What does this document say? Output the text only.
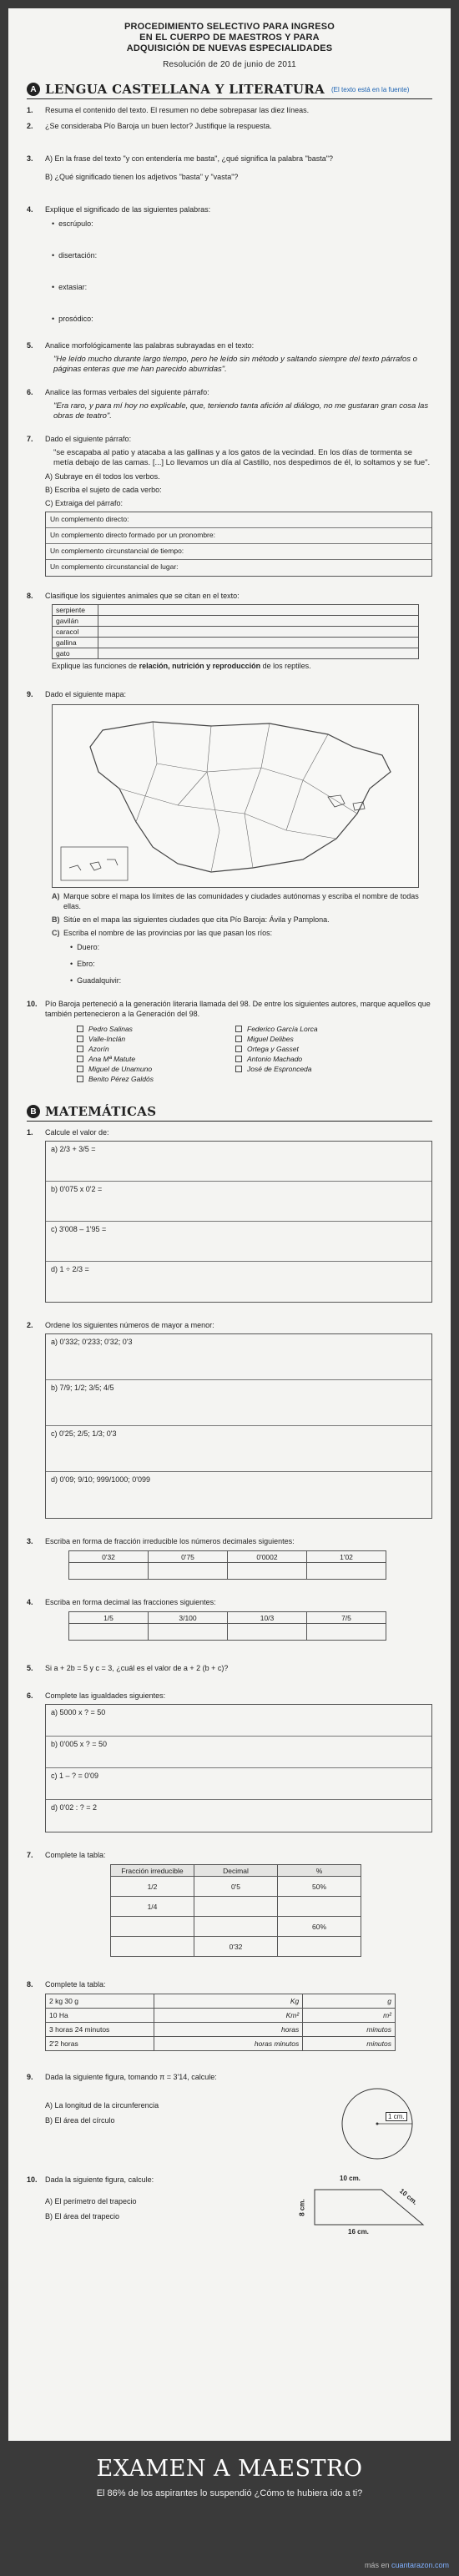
PROCEDIMIENTO SELECTIVO PARA INGRESO
EN EL CUERPO DE MAESTROS Y PARA
ADQUISICIÓN DE NUEVAS ESPECIALIDADES
Resolución de 20 de junio de 2011
A LENGUA CASTELLANA Y LITERATURA (El texto está en la fuente)
1.	Resuma el contenido del texto. El resumen no debe sobrepasar las diez líneas.
2.	¿Se consideraba Pío Baroja un buen lector? Justifique la respuesta.
3.	A) En la frase del texto "y con entendería me basta", ¿qué significa la palabra "basta"?
B) ¿Qué significado tienen los adjetivos "basta" y "vasta"?
4.	Explique el significado de las siguientes palabras:
• escrúpulo:
• disertación:
• extasiar:
• prosódico:
5.	Analice morfológicamente las palabras subrayadas en el texto:
"He leído mucho durante largo tiempo, pero he leído sin método y saltando siempre del texto párrafos o páginas enteras que me han parecido aburridas".
6.	Analice las formas verbales del siguiente párrafo:
"Era raro, y para mí hoy no explicable, que, teniendo tanta afición al diálogo, no me gustaran gran cosa las obras de teatro".
7.	Dado el siguiente párrafo:
"se escapaba al patio y atacaba a las gallinas y a los gatos de la vecindad. En los días de tormenta se metía debajo de las camas. [...] Lo llevamos un día al Castillo, nos despedimos de él, lo soltamos y se fue".
A) Subraye en él todos los verbos.
B) Escriba el sujeto de cada verbo:
C) Extraiga del párrafo:
Un complemento directo:
Un complemento directo formado por un pronombre:
Un complemento circunstancial de tiempo:
Un complemento circunstancial de lugar:
8.	Clasifique los siguientes animales que se citan en el texto:
serpiente	
gavilán	
caracol	
gallina	
gato	
Explique las funciones de relación, nutrición y reproducción de los reptiles.
9.	Dado el siguiente mapa:
A) Marque sobre el mapa los límites de las comunidades y ciudades autónomas y escriba el nombre de todas ellas.
B) Sitúe en el mapa las siguientes ciudades que cita Pío Baroja: Ávila y Pamplona.
C) Escriba el nombre de las provincias por las que pasan los ríos:
• Duero:
• Ebro:
• Guadalquivir:
10.	Pío Baroja perteneció a la generación literaria llamada del 98. De entre los siguientes autores, marque aquellos que también pertenecieron a la Generación del 98.
Pedro Salinas
Valle-Inclán
Azorín
Ana Mª Matute
Miguel de Unamuno
Benito Pérez Galdós
Federico García Lorca
Miguel Delibes
Ortega y Gasset
Antonio Machado
José de Espronceda
B MATEMÁTICAS
1.	Calcule el valor de:
a) 2/3 + 3/5 =
b) 0'075 x 0'2 =
c) 3'008 – 1'95 =
d) 1 ÷ 2/3 =
2.	Ordene los siguientes números de mayor a menor:
a) 0'332; 0'233; 0'32; 0'3
b) 7/9; 1/2; 3/5; 4/5
c) 0'25; 2/5; 1/3; 0'3
d) 0'09; 9/10; 999/1000; 0'099
3.	Escriba en forma de fracción irreducible los números decimales siguientes:
0'32	0'75	0'0002	1'02

4.	Escriba en forma decimal las fracciones siguientes:
1/5	3/100	10/3	7/5

5.	Si a + 2b = 5 y c = 3, ¿cuál es el valor de a + 2 (b + c)?
6.	Complete las igualdades siguientes:
a) 5000 x ? = 50
b) 0'005 x ? = 50
c) 1 – ? = 0'09
d) 0'02 : ? = 2
7.	Complete la tabla:
Fracción irreducible	Decimal	%
1/2	0'5	50%
1/4		
		60%
	0'32	
8.	Complete la tabla:
2 kg 30 g	Kg	g
10 Ha	Km²	m²
3 horas 24 minutos	horas	minutos
2'2 horas	horas minutos	minutos
9.	Dada la siguiente figura, tomando π = 3'14, calcule:
A) La longitud de la circunferencia
B) El área del círculo	1 cm.
10.	Dada la siguiente figura, calcule:
A) El perímetro del trapecio
B) El área del trapecio
10 cm.
8 cm.
10 cm.
16 cm.
EXAMEN A MAESTRO
El 86% de los aspirantes lo suspendió ¿Cómo te hubiera ido a ti?
más en cuantarazon.com
